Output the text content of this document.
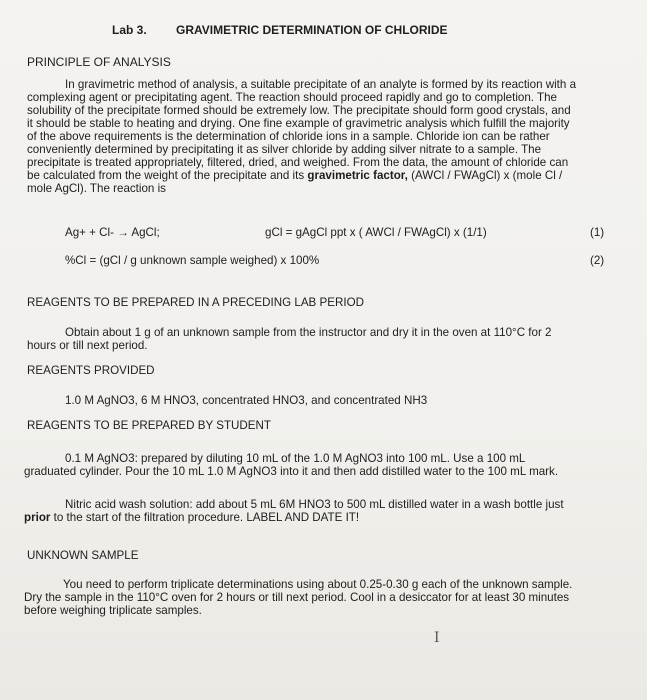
Lab 3. GRAVIMETRIC DETERMINATION OF CHLORIDE
PRINCIPLE OF ANALYSIS
In gravimetric method of analysis, a suitable precipitate of an analyte is formed by its reaction with a
complexing agent or precipitating agent. The reaction should proceed rapidly and go to completion. The
solubility of the precipitate formed should be extremely low. The precipitate should form good crystals, and
it should be stable to heating and drying. One fine example of gravimetric analysis which fulfill the majority
of the above requirements is the determination of chloride ions in a sample. Chloride ion can be rather
conveniently determined by precipitating it as silver chloride by adding silver nitrate to a sample. The
precipitate is treated appropriately, filtered, dried, and weighed. From the data, the amount of chloride can
be calculated from the weight of the precipitate and its gravimetric factor, (AWCl / FWAgCl) x (mole Cl /
mole AgCl). The reaction is
Ag+ + Cl- → AgCl;	gCl = gAgCl ppt x ( AWCl / FWAgCl) x (1/1)	(1)
%Cl = (gCl / g unknown sample weighed) x 100%	(2)
REAGENTS TO BE PREPARED IN A PRECEDING LAB PERIOD
Obtain about 1 g of an unknown sample from the instructor and dry it in the oven at 110°C for 2
hours or till next period.
REAGENTS PROVIDED
1.0 M AgNO3, 6 M HNO3, concentrated HNO3, and concentrated NH3
REAGENTS TO BE PREPARED BY STUDENT
0.1 M AgNO3: prepared by diluting 10 mL of the 1.0 M AgNO3 into 100 mL. Use a 100 mL
graduated cylinder. Pour the 10 mL 1.0 M AgNO3 into it and then add distilled water to the 100 mL mark.
Nitric acid wash solution: add about 5 mL 6M HNO3 to 500 mL distilled water in a wash bottle just
prior to the start of the filtration procedure. LABEL AND DATE IT!
UNKNOWN SAMPLE
You need to perform triplicate determinations using about 0.25-0.30 g each of the unknown sample.
Dry the sample in the 110°C oven for 2 hours or till next period. Cool in a desiccator for at least 30 minutes
before weighing triplicate samples.
I
